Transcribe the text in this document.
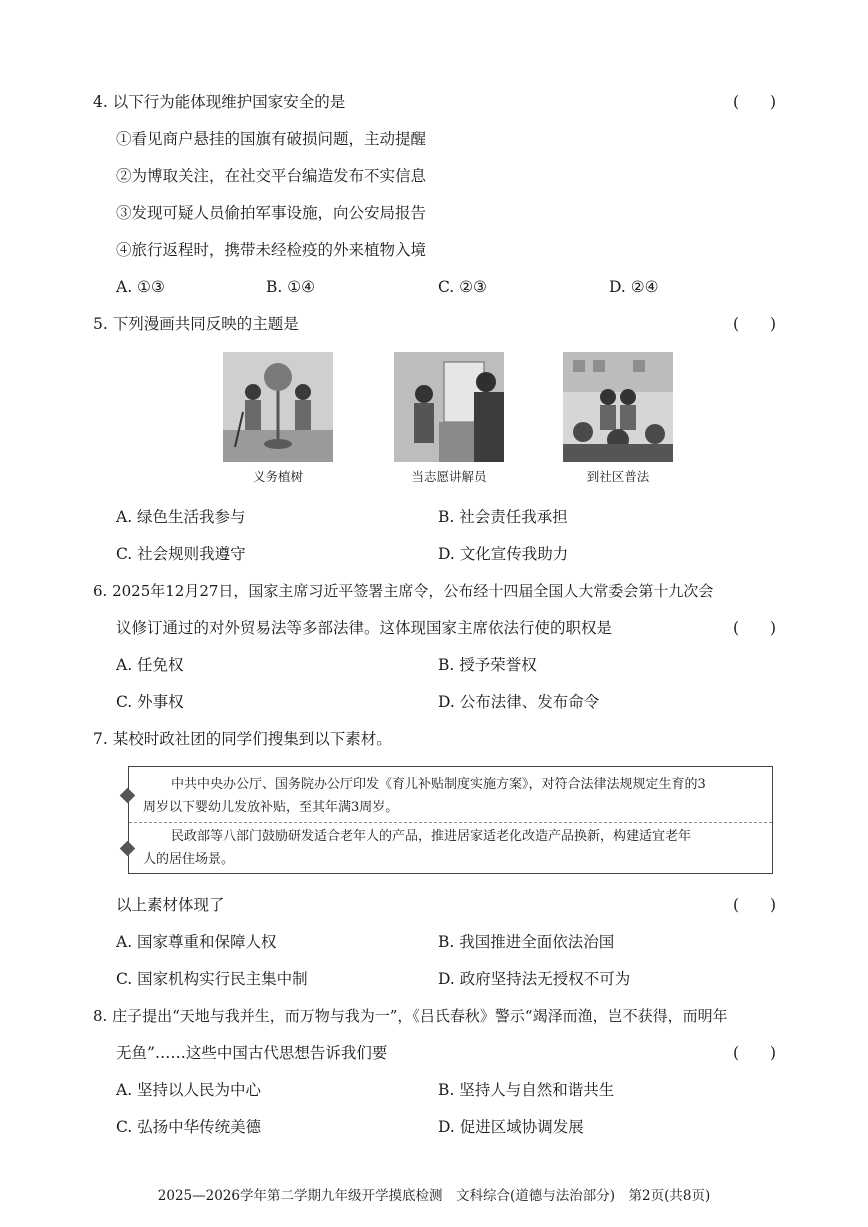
4. 以下行为能体现维护国家安全的是	(　　)
①看见商户悬挂的国旗有破损问题，主动提醒
②为博取关注，在社交平台编造发布不实信息
③发现可疑人员偷拍军事设施，向公安局报告
④旅行返程时，携带未经检疫的外来植物入境
A. ①③	B. ①④	C. ②③	D. ②④
5. 下列漫画共同反映的主题是	(　　)
义务植树	当志愿讲解员	到社区普法
A. 绿色生活我参与	B. 社会责任我承担
C. 社会规则我遵守	D. 文化宣传我助力
6. 2025年12月27日，国家主席习近平签署主席令，公布经十四届全国人大常委会第十九次会
议修订通过的对外贸易法等多部法律。这体现国家主席依法行使的职权是	(　　)
A. 任免权	B. 授予荣誉权
C. 外事权	D. 公布法律、发布命令
7. 某校时政社团的同学们搜集到以下素材。
中共中央办公厅、国务院办公厅印发《育儿补贴制度实施方案》，对符合法律法规规定生育的3
周岁以下婴幼儿发放补贴，至其年满3周岁。
民政部等八部门鼓励研发适合老年人的产品，推进居家适老化改造产品换新，构建适宜老年
人的居住场景。
以上素材体现了	(　　)
A. 国家尊重和保障人权	B. 我国推进全面依法治国
C. 国家机构实行民主集中制	D. 政府坚持法无授权不可为
8. 庄子提出“天地与我并生，而万物与我为一”，《吕氏春秋》警示“竭泽而渔，岂不获得，而明年
无鱼”……这些中国古代思想告诉我们要	(　　)
A. 坚持以人民为中心	B. 坚持人与自然和谐共生
C. 弘扬中华传统美德	D. 促进区域协调发展
2025—2026学年第二学期九年级开学摸底检测　文科综合(道德与法治部分)　第2页(共8页)
